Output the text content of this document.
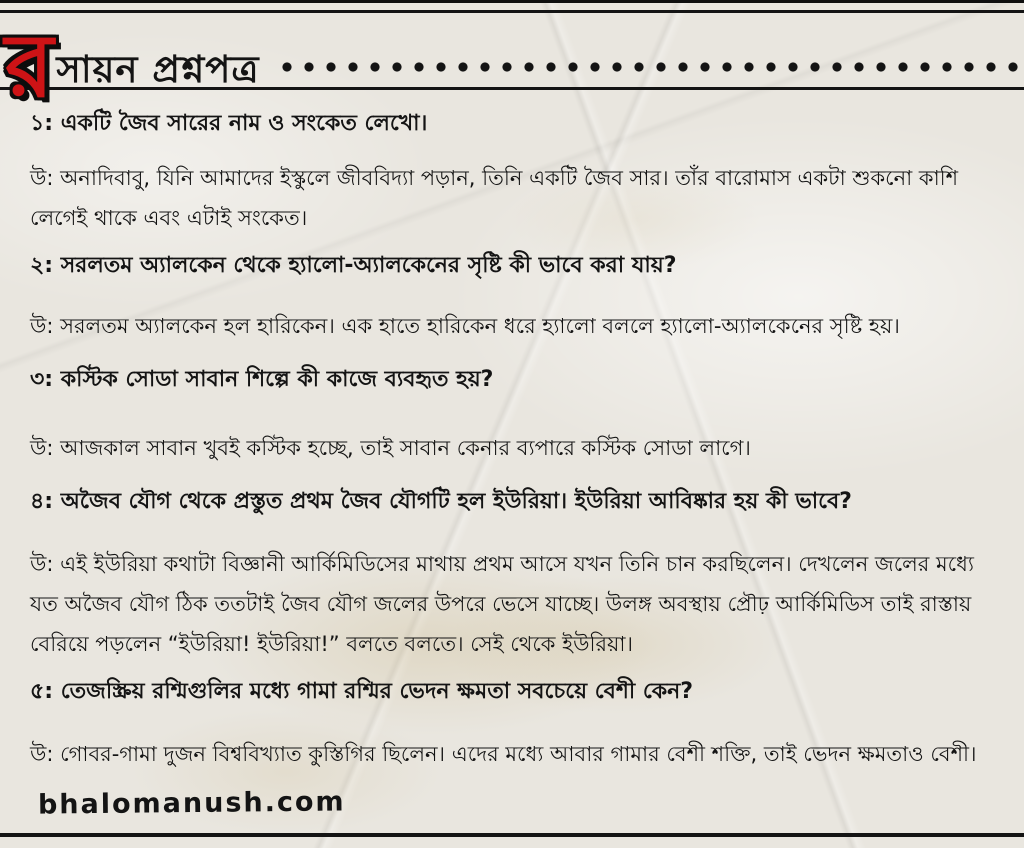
র সায়ন প্রশ্নপত্র
১: একটি জৈব সারের নাম ও সংকেত লেখো।
উ: অনাদিবাবু, যিনি আমাদের ইস্কুলে জীববিদ্যা পড়ান, তিনি একটি জৈব সার। তাঁর বারোমাস একটা শুকনো কাশি লেগেই থাকে এবং এটাই সংকেত।
২: সরলতম অ্যালকেন থেকে হ্যালো-অ্যালকেনের সৃষ্টি কী ভাবে করা যায়?
উ: সরলতম অ্যালকেন হল হারিকেন। এক হাতে হারিকেন ধরে হ্যালো বললে হ্যালো-অ্যালকেনের সৃষ্টি হয়।
৩: কস্টিক সোডা সাবান শিল্পে কী কাজে ব্যবহৃত হয়?
উ: আজকাল সাবান খুবই কস্টিক হচ্ছে, তাই সাবান কেনার ব্যপারে কস্টিক সোডা লাগে।
৪: অজৈব যৌগ থেকে প্রস্তুত প্রথম জৈব যৌগটি হল ইউরিয়া। ইউরিয়া আবিষ্কার হয় কী ভাবে?
উ: এই ইউরিয়া কথাটা বিজ্ঞানী আর্কিমিডিসের মাথায় প্রথম আসে যখন তিনি চান করছিলেন। দেখলেন জলের মধ্যে যত অজৈব যৌগ ঠিক ততটাই জৈব যৌগ জলের উপরে ভেসে যাচ্ছে। উলঙ্গ অবস্থায় প্রৌঢ় আর্কিমিডিস তাই রাস্তায় বেরিয়ে পড়লেন “ইউরিয়া! ইউরিয়া!” বলতে বলতে। সেই থেকে ইউরিয়া।
৫: তেজস্ক্রিয় রশ্মিগুলির মধ্যে গামা রশ্মির ভেদন ক্ষমতা সবচেয়ে বেশী কেন?
উ: গোবর-গামা দুজন বিশ্ববিখ্যাত কুস্তিগির ছিলেন। এদের মধ্যে আবার গামার বেশী শক্তি, তাই ভেদন ক্ষমতাও বেশী।
bhalomanush.com
